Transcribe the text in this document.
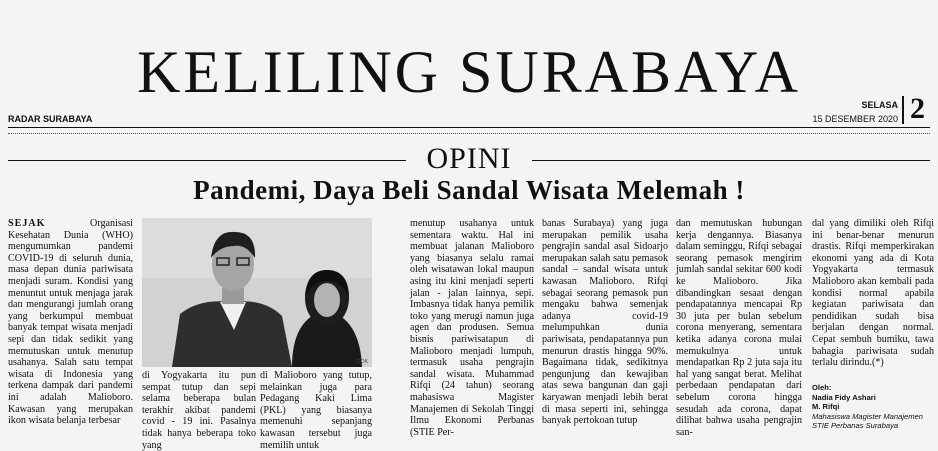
KELILING SURABAYA
RADAR SURABAYA
SELASA
15 DESEMBER 2020 2
OPINI
Pandemi, Daya Beli Sandal Wisata Melemah !

SEJAK	Organisasi Kesehatan Dunia (WHO) mengumumkan pandemi COVID-19 di seluruh dunia, masa depan dunia pariwisata menjadi suram. Kondisi yang menuntut untuk menjaga jarak dan mengurangi jumlah orang yang berkumpul membuat banyak tempat wisata menjadi sepi dan tidak sedikit yang memutuskan untuk menutup usahanya. Salah satu tempat wisata di Indonesia yang terkena dampak dari pandemi ini adalah Malioboro. Kawasan yang merupakan ikon wisata belanja terbesar

DOK

di Yogyakarta itu pun sempat tutup dan sepi selama beberapa bulan terakhir akibat pandemi covid - 19 ini. Pasalnya tidak hanya beberapa toko yang

di Malioboro yang tutup, melainkan juga para Pedagang Kaki Lima (PKL) yang biasanya memenuhi sepanjang kawasan tersebut juga memilih untuk

menutup usahanya untuk sementara waktu. Hal ini membuat jalanan Malioboro yang biasanya selalu ramai oleh wisatawan lokal maupun asing itu kini menjadi seperti jalan - jalan lainnya, sepi. Imbasnya tidak hanya pemilik toko yang merugi namun juga agen dan produsen. Semua bisnis pariwisatapun di Malioboro menjadi lumpuh, termasuk usaha pengrajin sandal wisata. Muhammad Rifqi (24 tahun) seorang mahasiswa Magister Manajemen di Sekolah Tinggi Ilmu Ekonomi Perbanas (STIE Per-

banas Surabaya) yang juga merupakan pemilik usaha pengrajin sandal asal Sidoarjo merupakan salah satu pemasok sandal – sandal wisata untuk kawasan Malioboro. Rifqi sebagai seorang pemasok pun mengaku bahwa semenjak adanya covid-19 melumpuhkan dunia pariwisata, pendapatannya pun menurun drastis hingga 90%. Bagaimana tidak, sedikitnya pengunjung dan kewajiban atas sewa bangunan dan gaji karyawan menjadi lebih berat di masa seperti ini, sehingga banyak pertokoan tutup

dan memutuskan hubungan kerja dengannya. Biasanya dalam seminggu, Rifqi sebagai seorang pemasok mengirim jumlah sandal sekitar 600 kodi ke Malioboro. Jika dibandingkan sesaat dengan pendapatannya mencapai Rp 30 juta per bulan sebelum corona menyerang, sementara ketika adanya corona mulai memukulnya untuk mendapatkan Rp 2 juta saja itu hal yang sangat berat. Melihat perbedaan pendapatan dari sebelum corona hingga sesudah ada corona, dapat dilihat bahwa usaha pengrajin san-

dal yang dimiliki oleh Rifqi ini benar-benar menurun drastis. Rifqi memperkirakan ekonomi yang ada di Kota Yogyakarta termasuk Malioboro akan kembali pada kondisi normal apabila kegiatan pariwisata dan pendidikan sudah bisa berjalan dengan normal. Cepat sembuh bumiku, tawa bahagia pariwisata sudah terlalu dirindu.(*)

Oleh:
Nadia Fidy Ashari
M. Rifqi
Mahasiswa Magister Manajemen
STIE Perbanas Surabaya
